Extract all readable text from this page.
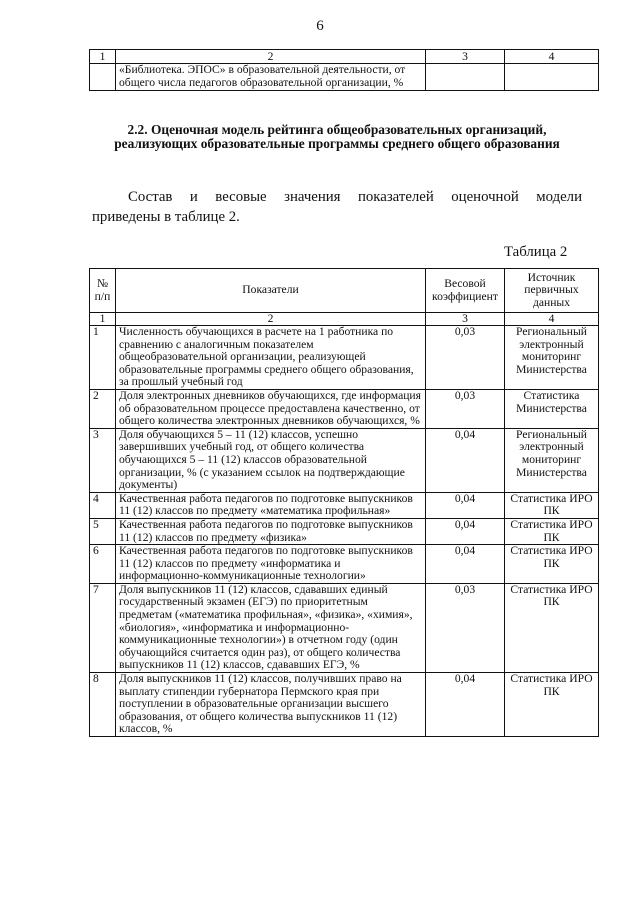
6
1	2	3	4
	«Библиотека. ЭПОС» в образовательной деятельности, от общего числа педагогов образовательной организации, %		
2.2. Оценочная модель рейтинга общеобразовательных организаций, реализующих образовательные программы среднего общего образования
Состав и весовые значения показателей оценочной модели
приведены в таблице 2.
Таблица 2
№ п/п	Показатели	Весовой коэффициент	Источник первичных данных
1	2	3	4
1	Численность обучающихся в расчете на 1 работника по сравнению с аналогичным показателем общеобразовательной организации, реализующей образовательные программы среднего общего образования, за прошлый учебный год	0,03	Региональный электронный мониторинг Министерства
2	Доля электронных дневников обучающихся, где информация об образовательном процессе предоставлена качественно, от общего количества электронных дневников обучающихся, %	0,03	Статистика Министерства
3	Доля обучающихся 5 – 11 (12) классов, успешно завершивших учебный год, от общего количества обучающихся 5 – 11 (12) классов образовательной организации, % (с указанием ссылок на подтверждающие документы)	0,04	Региональный электронный мониторинг Министерства
4	Качественная работа педагогов по подготовке выпускников 11 (12) классов по предмету «математика профильная»	0,04	Статистика ИРО ПК
5	Качественная работа педагогов по подготовке выпускников 11 (12) классов по предмету «физика»	0,04	Статистика ИРО ПК
6	Качественная работа педагогов по подготовке выпускников 11 (12) классов по предмету «информатика и информационно-коммуникационные технологии»	0,04	Статистика ИРО ПК
7	Доля выпускников 11 (12) классов, сдававших единый государственный экзамен (ЕГЭ) по приоритетным предметам («математика профильная», «физика», «химия», «биология», «информатика и информационно-коммуникационные технологии») в отчетном году (один обучающийся считается один раз), от общего количества выпускников 11 (12) классов, сдававших ЕГЭ, %	0,03	Статистика ИРО ПК
8	Доля выпускников 11 (12) классов, получивших право на выплату стипендии губернатора Пермского края при поступлении в образовательные организации высшего образования, от общего количества выпускников 11 (12) классов, %	0,04	Статистика ИРО ПК
